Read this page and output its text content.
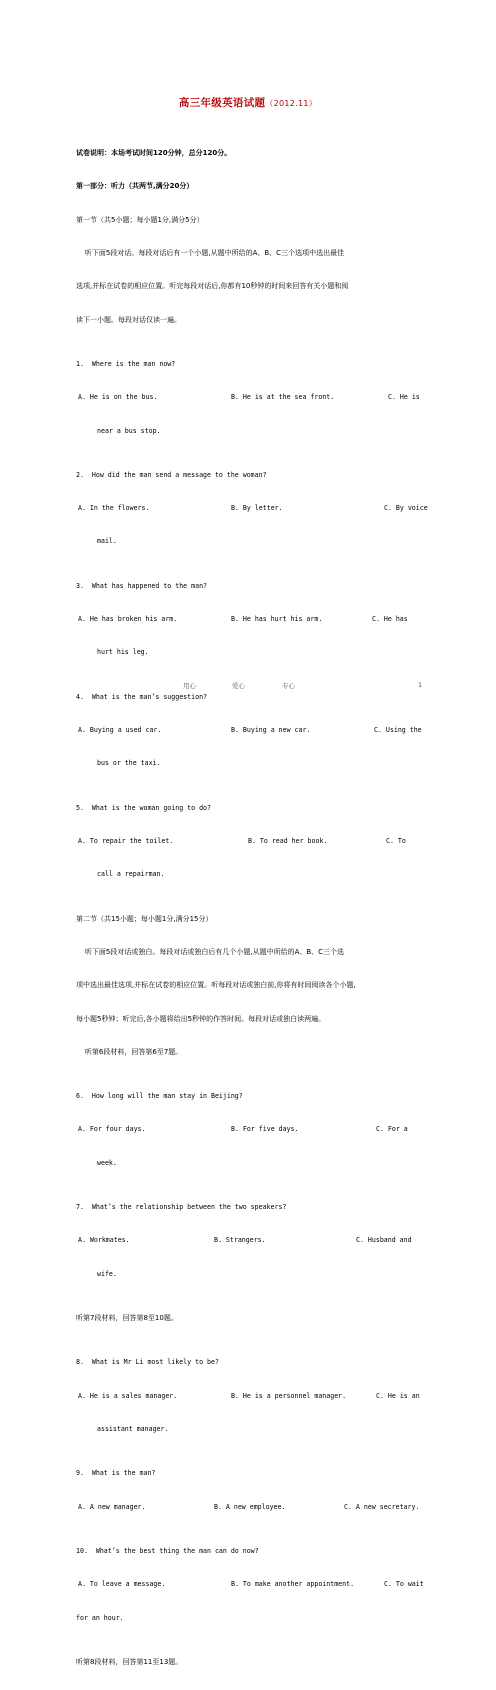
高三年级英语试题（2012.11）

试卷说明：本场考试时间120分钟，总分120分。

第一部分：听力（共两节,满分20分）

第一节（共5小题；每小题1分,满分5分）

听下面5段对话。每段对话后有一个小题,从题中所给的A、B、C三个选项中选出最佳

选项,并标在试卷的相应位置。听完每段对话后,你都有10秒钟的时间来回答有关小题和阅

读下一小题。每段对话仅读一遍。

1.  Where is the man now?

A. He is on the bus.

	B. He is at the sea front.

	C. He is

near a bus stop.

2.  How did the man send a message to the woman?

A. In the flowers.

	B. By letter.

	C. By voice

mail.

3.  What has happened to the man?

A. He has broken his arm.

	B. He has hurt his arm.

	C. He has

hurt his leg.

4.  What is the man’s suggestion?

A. Buying a used car.

	B. Buying a new car.

	C. Using the

bus or the taxi.

5.  What is the woman going to do?

A. To repair the toilet.

	B. To read her book.

	C. To

call a repairman.

第二节（共15小题；每小题1分,满分15分）

听下面5段对话或独白。每段对话或独白后有几个小题,从题中所给的A、B、C三个选

项中选出最佳选项,并标在试卷的相应位置。听每段对话或独白前,你将有时间阅读各个小题,

每小题5秒钟；听完后,各小题将给出5秒钟的作答时间。每段对话或独白读两遍。

听第6段材料，回答第6至7题。

6.  How long will the man stay in Beijing?

A. For four days.

	B. For five days.

	C. For a

week.

7.  What’s the relationship between the two speakers?

A. Workmates.

	B. Strangers.

	C. Husband and

wife.

听第7段材料，回答第8至10题。

8.  What is Mr Li most likely to be?

A. He is a sales manager.

	B. He is a personnel manager.

	C. He is an

assistant manager.

9.  What is the man?

A. A new manager.

	B. A new employee.

	C. A new secretary.

10.  What’s the best thing the man can do now?

A. To leave a message.

	B. To make another appointment.

	C. To wait

for an hour.

听第8段材料，回答第11至13题。

用心	爱心	专心	1
